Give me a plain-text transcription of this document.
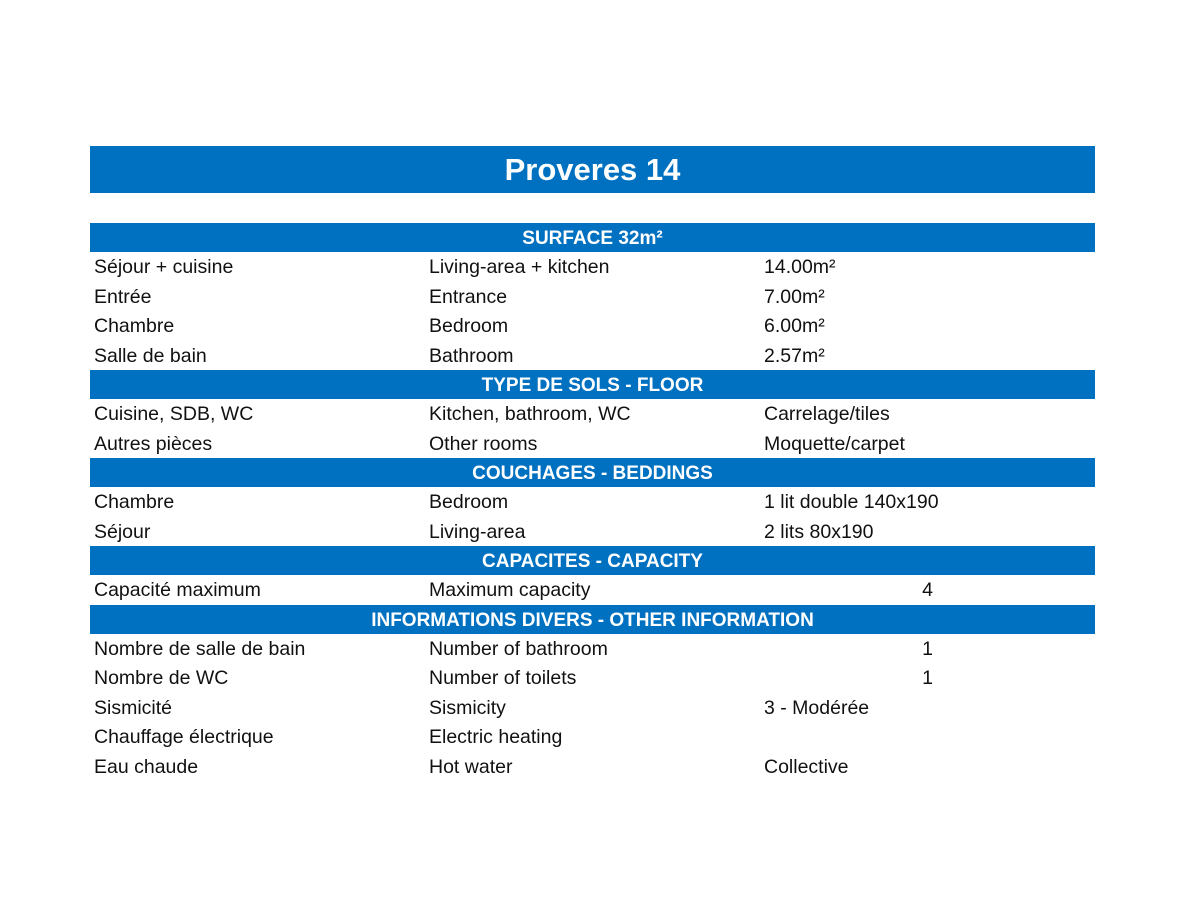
Proveres 14
SURFACE 32m²
Séjour + cuisine	Living-area + kitchen	14.00m²
Entrée	Entrance	7.00m²
Chambre	Bedroom	6.00m²
Salle de bain	Bathroom	2.57m²
TYPE DE SOLS - FLOOR
Cuisine, SDB, WC	Kitchen, bathroom, WC	Carrelage/tiles
Autres pièces	Other rooms	Moquette/carpet
COUCHAGES - BEDDINGS
Chambre	Bedroom	1 lit double 140x190
Séjour	Living-area	2 lits 80x190
CAPACITES - CAPACITY
Capacité maximum	Maximum capacity	4
INFORMATIONS DIVERS - OTHER INFORMATION
Nombre de salle de bain	Number of bathroom	1
Nombre de WC	Number of toilets	1
Sismicité	Sismicity	3 - Modérée
Chauffage électrique	Electric heating
Eau chaude	Hot water	Collective
